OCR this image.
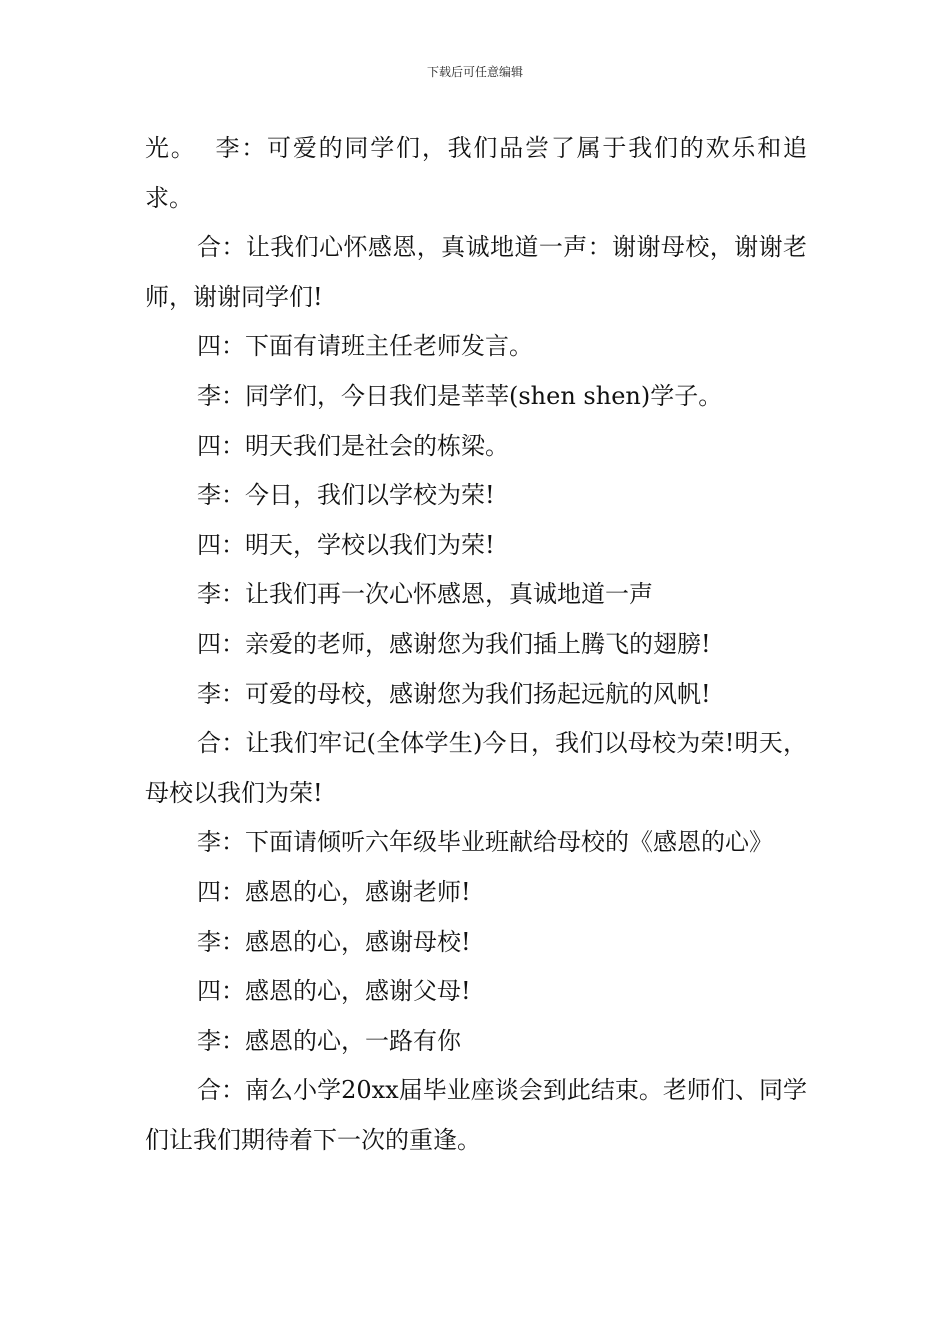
下载后可任意编辑

光。  李：可爱的同学们，我们品尝了属于我们的欢乐和追求。

合：让我们心怀感恩，真诚地道一声：谢谢母校，谢谢老师，谢谢同学们!

四：下面有请班主任老师发言。

李：同学们，今日我们是莘莘(shen shen)学子。

四：明天我们是社会的栋梁。

李：今日，我们以学校为荣!

四：明天，学校以我们为荣!

李：让我们再一次心怀感恩，真诚地道一声

四：亲爱的老师，感谢您为我们插上腾飞的翅膀!

李：可爱的母校，感谢您为我们扬起远航的风帆!

合：让我们牢记(全体学生)今日，我们以母校为荣!明天，母校以我们为荣!

李：下面请倾听六年级毕业班献给母校的《感恩的心》

四：感恩的心，感谢老师!

李：感恩的心，感谢母校!

四：感恩的心，感谢父母!

李：感恩的心，一路有你

合：南么小学20xx届毕业座谈会到此结束。老师们、同学们让我们期待着下一次的重逢。
